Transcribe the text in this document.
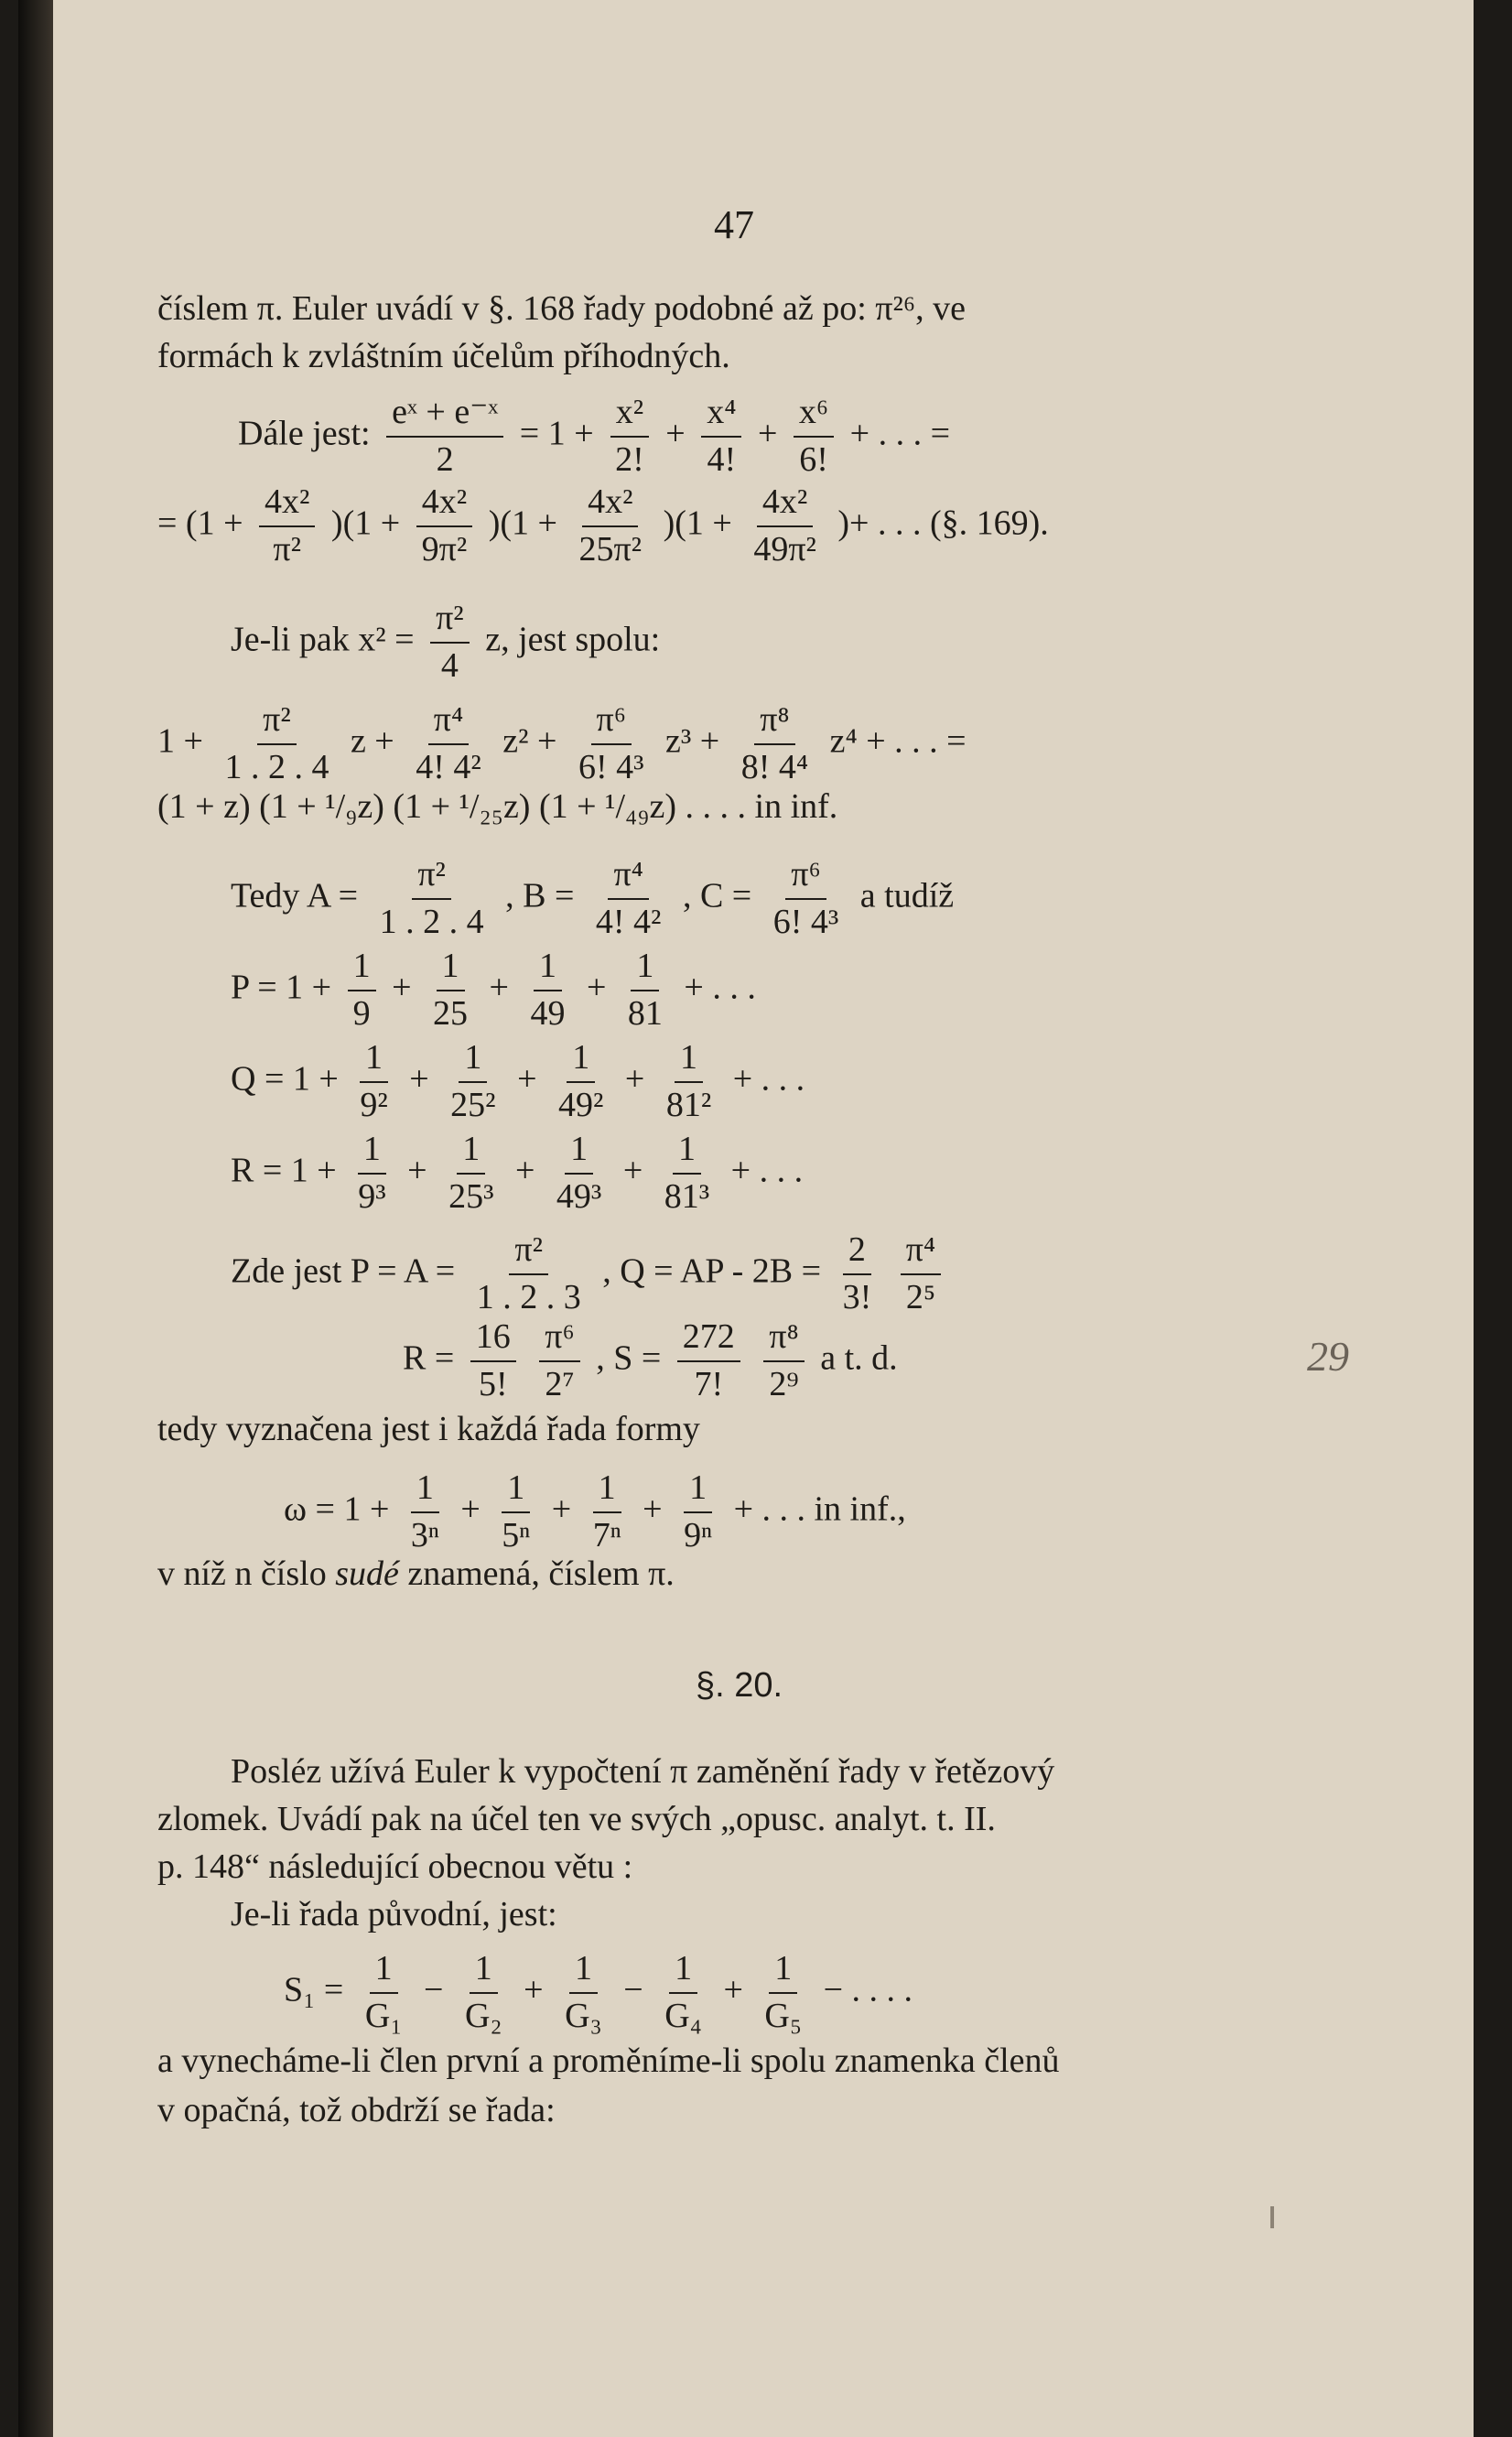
47
číslem π. Euler uvádí v §. 168 řady podobné až po: π²⁶, ve
formách k zvláštním účelům příhodných.
Dále jest: $\frac{\text{eˣ + e⁻ˣ}}{2} = 1 + \frac{\text{x²}}{2!} + \frac{\text{x⁴}}{4!} + \frac{\text{x⁶}}{6!}$ + . . . =
= $(1 + \frac{\text{4x²}}{\text{π²}} )(1 + \frac{\text{4x²}}{\text{9π²}} )(1 + \frac{\text{4x²}}{\text{25π²}} )(1 + \frac{\text{4x²}}{\text{49π²}}$ )+ . . . (§. 169).
Je-li pak $x^2 = \frac{\text{π²}}{4} z$, jest spolu:
$1 + \frac{\text{π²}}{1 . 2 . 4}$ $z + \frac{\text{π⁴}}{\text{4! 4²}} z^2 + \frac{\text{π⁶}}{\text{6! 4³}} z^3 + \frac{\text{π⁸}}{\text{8! 4⁴}} z^4$ + . . . =
(1 + z) (1 + ¹/₉z) (1 + ¹/₂₅z) (1 + ¹/₄₉z) . . . . in inf.
Tedy $A = \frac{\text{π²}}{1 . 2 . 4}$ , $B = \frac{\text{π⁴}}{\text{4! 4²}}$ , $C = \frac{\text{π⁶}}{\text{6! 4³}}$ a tudíž
$P = 1 + \frac{1}{9} + \frac{1}{25} + \frac{1}{49} + \frac{1}{81}$ + . . .
$Q = 1 + \frac{1}{\text{9²}} + \frac{1}{\text{25²}} + \frac{1}{\text{49²}} + \frac{1}{\text{81²}}$ + . . .
$R = 1 + \frac{1}{\text{9³}} + \frac{1}{\text{25³}} + \frac{1}{\text{49³}} + \frac{1}{\text{81³}}$ + . . .
Zde jest $P = A = \frac{\text{π²}}{1 . 2 . 3}$ , Q = AP - $2B = \frac{2}{3!}$
$\frac{\text{π⁴}}{\text{2⁵}}$
$R = \frac{16}{5!}$
$\frac{\text{π⁶}}{\text{2⁷}}$ , $S = \frac{272}{7!}$
$\frac{\text{π⁸}}{\text{2⁹}}$ a t. d.	29
tedy vyznačena jest i každá řada formy
$\omega = 1 + \frac{1}{\text{3ⁿ}} + \frac{1}{\text{5ⁿ}} + \frac{1}{\text{7ⁿ}} + \frac{1}{\text{9ⁿ}}$ + . . . in inf.,
v níž n číslo sudé znamená, číslem π.
§. 20.
Posléz užívá Euler k vypočtení π zaměnění řady v řetězový
zlomek. Uvádí pak na účel ten ve svých „opusc. analyt. t. II.
p. 148“ následující obecnou větu :
Je-li řada původní, jest:
$S_1 = \frac{1}{\text{G₁}} - \frac{1}{\text{G₂}} + \frac{1}{\text{G₃}} - \frac{1}{\text{G₄}} + \frac{1}{\text{G₅}}$ − . . . .
a vynecháme-li člen první a proměníme-li spolu znamenka členů
v opačná, tož obdrží se řada:
